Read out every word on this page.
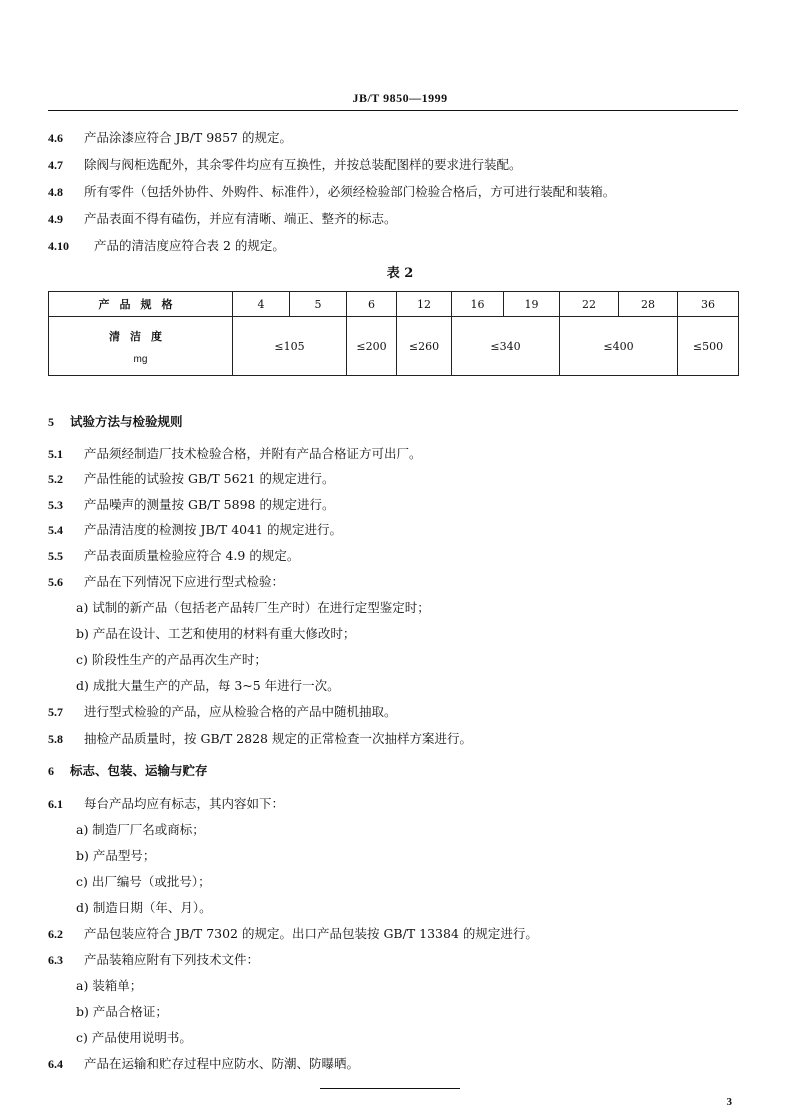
JB/T 9850—1999
4.6 产品涂漆应符合 JB/T 9857 的规定。
4.7 除阀与阀柜选配外，其余零件均应有互换性，并按总装配图样的要求进行装配。
4.8 所有零件（包括外协件、外购件、标准件），必须经检验部门检验合格后，方可进行装配和装箱。
4.9 产品表面不得有磕伤，并应有清晰、端正、整齐的标志。
4.10 产品的清洁度应符合表 2 的规定。
表 2
产品规格	4	5	6	12	16	19	22	28	36

清洁度
mg	≤105		≤200	≤260	≤340		≤400		≤500
5 试验方法与检验规则
5.1 产品须经制造厂技术检验合格，并附有产品合格证方可出厂。
5.2 产品性能的试验按 GB/T 5621 的规定进行。
5.3 产品噪声的测量按 GB/T 5898 的规定进行。
5.4 产品清洁度的检测按 JB/T 4041 的规定进行。
5.5 产品表面质量检验应符合 4.9 的规定。
5.6 产品在下列情况下应进行型式检验：
a) 试制的新产品（包括老产品转厂生产时）在进行定型鉴定时；
b) 产品在设计、工艺和使用的材料有重大修改时；
c) 阶段性生产的产品再次生产时；
d) 成批大量生产的产品，每 3~5 年进行一次。
5.7 进行型式检验的产品，应从检验合格的产品中随机抽取。
5.8 抽检产品质量时，按 GB/T 2828 规定的正常检查一次抽样方案进行。
6 标志、包装、运输与贮存
6.1 每台产品均应有标志，其内容如下：
a) 制造厂厂名或商标；
b) 产品型号；
c) 出厂编号（或批号）；
d) 制造日期（年、月）。
6.2 产品包装应符合 JB/T 7302 的规定。出口产品包装按 GB/T 13384 的规定进行。
6.3 产品装箱应附有下列技术文件：
a) 装箱单；
b) 产品合格证；
c) 产品使用说明书。
6.4 产品在运输和贮存过程中应防水、防潮、防曝晒。
3
